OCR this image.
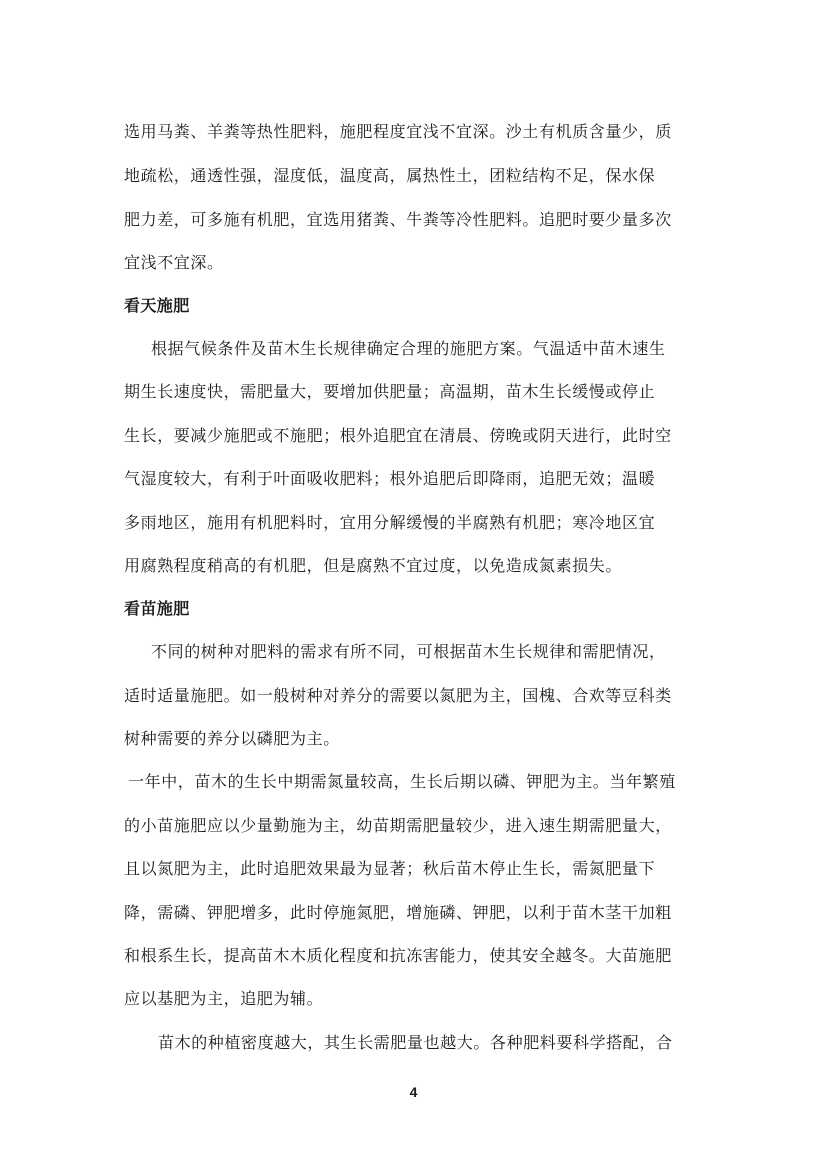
选用马粪、羊粪等热性肥料，施肥程度宜浅不宜深。沙土有机质含量少，质
地疏松，通透性强，湿度低，温度高，属热性土，团粒结构不足，保水保
肥力差，可多施有机肥，宜选用猪粪、牛粪等冷性肥料。追肥时要少量多次
宜浅不宜深。
看天施肥
根据气候条件及苗木生长规律确定合理的施肥方案。气温适中苗木速生
期生长速度快，需肥量大，要增加供肥量；高温期，苗木生长缓慢或停止
生长，要减少施肥或不施肥；根外追肥宜在清晨、傍晚或阴天进行，此时空
气湿度较大，有利于叶面吸收肥料；根外追肥后即降雨，追肥无效；温暖
多雨地区，施用有机肥料时，宜用分解缓慢的半腐熟有机肥；寒冷地区宜
用腐熟程度稍高的有机肥，但是腐熟不宜过度，以免造成氮素损失。
看苗施肥
不同的树种对肥料的需求有所不同，可根据苗木生长规律和需肥情况，
适时适量施肥。如一般树种对养分的需要以氮肥为主，国槐、合欢等豆科类
树种需要的养分以磷肥为主。
一年中，苗木的生长中期需氮量较高，生长后期以磷、钾肥为主。当年繁殖
的小苗施肥应以少量勤施为主，幼苗期需肥量较少，进入速生期需肥量大，
且以氮肥为主，此时追肥效果最为显著；秋后苗木停止生长，需氮肥量下
降，需磷、钾肥增多，此时停施氮肥，增施磷、钾肥，以利于苗木茎干加粗
和根系生长，提高苗木木质化程度和抗冻害能力，使其安全越冬。大苗施肥
应以基肥为主，追肥为辅。
苗木的种植密度越大，其生长需肥量也越大。各种肥料要科学搭配，合
4
